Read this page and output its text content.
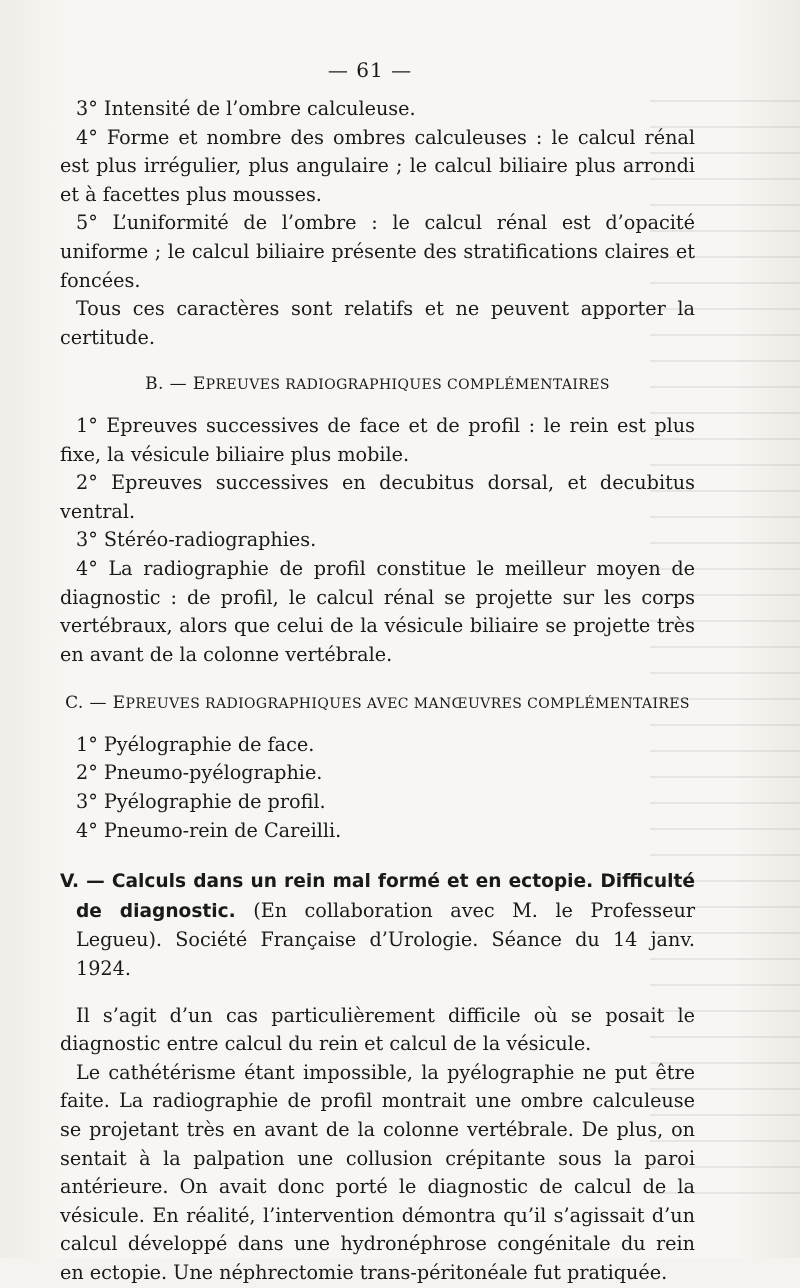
— 61 —

3° Intensité de l’ombre calculeuse.

4° Forme et nombre des ombres calculeuses : le calcul rénal est plus irrégulier, plus angulaire ; le calcul biliaire plus arrondi et à facettes plus mousses.

5° L’uniformité de l’ombre : le calcul rénal est d’opacité uniforme ; le calcul biliaire présente des stratifications claires et foncées.

Tous ces caractères sont relatifs et ne peuvent apporter la certitude.

B. — EPREUVES RADIOGRAPHIQUES COMPLÉMENTAIRES

1° Epreuves successives de face et de profil : le rein est plus fixe, la vésicule biliaire plus mobile.

2° Epreuves successives en decubitus dorsal, et decubitus ventral.

3° Stéréo-radiographies.

4° La radiographie de profil constitue le meilleur moyen de diagnostic : de profil, le calcul rénal se projette sur les corps vertébraux, alors que celui de la vésicule biliaire se projette très en avant de la colonne vertébrale.

C. — EPREUVES RADIOGRAPHIQUES AVEC MANŒUVRES COMPLÉMENTAIRES

1° Pyélographie de face.

2° Pneumo-pyélographie.

3° Pyélographie de profil.

4° Pneumo-rein de Careilli.

V. — Calculs dans un rein mal formé et en ectopie. Difficulté de diagnostic. (En collaboration avec M. le Professeur Legueu). Société Française d’Urologie. Séance du 14 janv. 1924.

Il s’agit d’un cas particulièrement difficile où se posait le diagnostic entre calcul du rein et calcul de la vésicule.

Le cathétérisme étant impossible, la pyélographie ne put être faite. La radiographie de profil montrait une ombre calculeuse se projetant très en avant de la colonne vertébrale. De plus, on sentait à la palpation une collusion crépitante sous la paroi antérieure. On avait donc porté le diagnostic de calcul de la vésicule. En réalité, l’intervention démontra qu’il s’agissait d’un calcul développé dans une hydronéphrose congénitale du rein en ectopie. Une néphrectomie trans-péritonéale fut pratiquée.
